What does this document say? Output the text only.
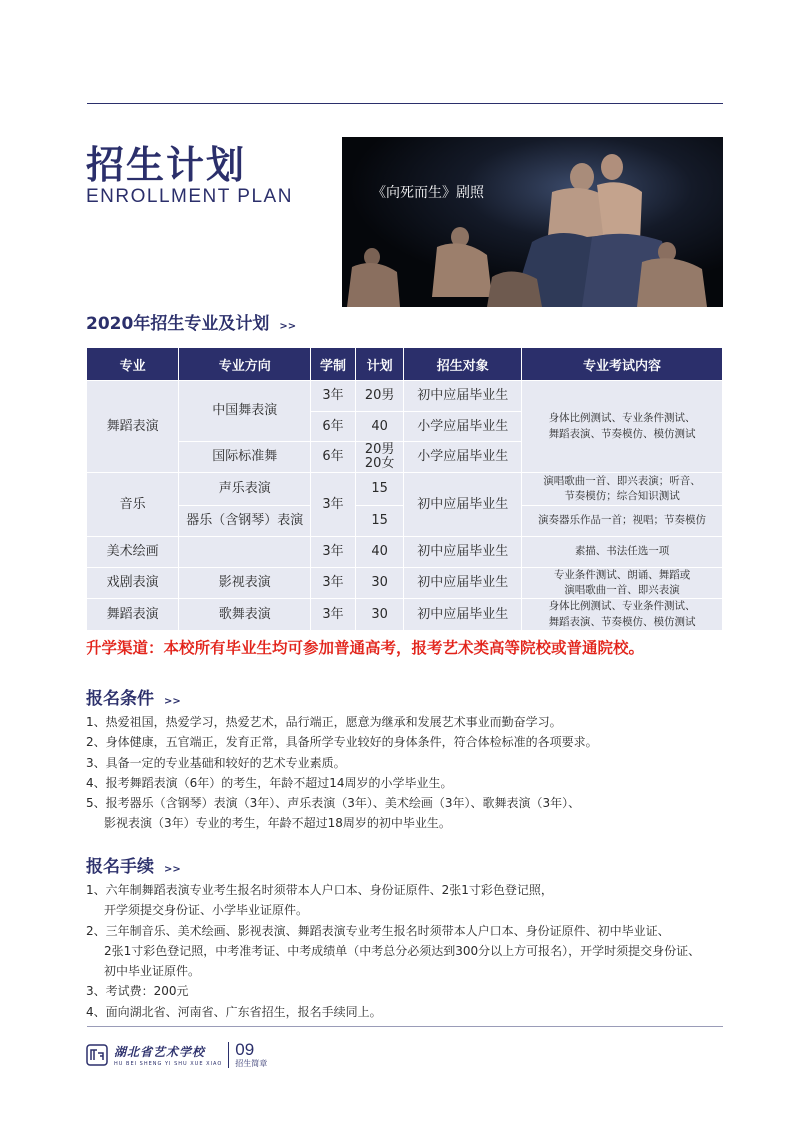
招生计划
ENROLLMENT PLAN	《向死而生》剧照
2020年招生专业及计划 >>
专业	专业方向	学制	计划	招生对象	专业考试内容
舞蹈表演	中国舞表演	3年	20男	初中应届毕业生	身体比例测试、专业条件测试、
舞蹈表演、节奏模仿、模仿测试

		6年	40	小学应届毕业生	
	国际标准舞	6年	20男
20女	小学应届毕业生	
音乐	声乐表演	3年	15	初中应届毕业生	演唱歌曲一首、即兴表演；听音、
节奏模仿；综合知识测试

	器乐（含钢琴）表演		15		演奏器乐作品一首；视唱；节奏模仿
美术绘画		3年	40	初中应届毕业生	素描、书法任选一项
戏剧表演	影视表演	3年	30	初中应届毕业生	专业条件测试、朗诵、舞蹈或
演唱歌曲一首、即兴表演

舞蹈表演	歌舞表演	3年	30	初中应届毕业生	身体比例测试、专业条件测试、
舞蹈表演、节奏模仿、模仿测试
升学渠道：本校所有毕业生均可参加普通高考，报考艺术类高等院校或普通院校。
报名条件 >>
1、热爱祖国，热爱学习，热爱艺术，品行端正，愿意为继承和发展艺术事业而勤奋学习。
2、身体健康，五官端正，发育正常，具备所学专业较好的身体条件，符合体检标准的各项要求。
3、具备一定的专业基础和较好的艺术专业素质。
4、报考舞蹈表演（6年）的考生，年龄不超过14周岁的小学毕业生。
5、报考器乐（含钢琴）表演（3年）、声乐表演（3年）、美术绘画（3年）、歌舞表演（3年）、
影视表演（3年）专业的考生，年龄不超过18周岁的初中毕业生。
报名手续 >>
1、六年制舞蹈表演专业考生报名时须带本人户口本、身份证原件、2张1寸彩色登记照，
开学须提交身份证、小学毕业证原件。
2、三年制音乐、美术绘画、影视表演、舞蹈表演专业考生报名时须带本人户口本、身份证原件、初中毕业证、
2张1寸彩色登记照，中考准考证、中考成绩单（中考总分必须达到300分以上方可报名），开学时须提交身份证、
初中毕业证原件。
3、考试费：200元
4、面向湖北省、河南省、广东省招生，报名手续同上。
湖北省艺术学校
HU BEI SHENG YI SHU XUE XIAO
09
招生简章
